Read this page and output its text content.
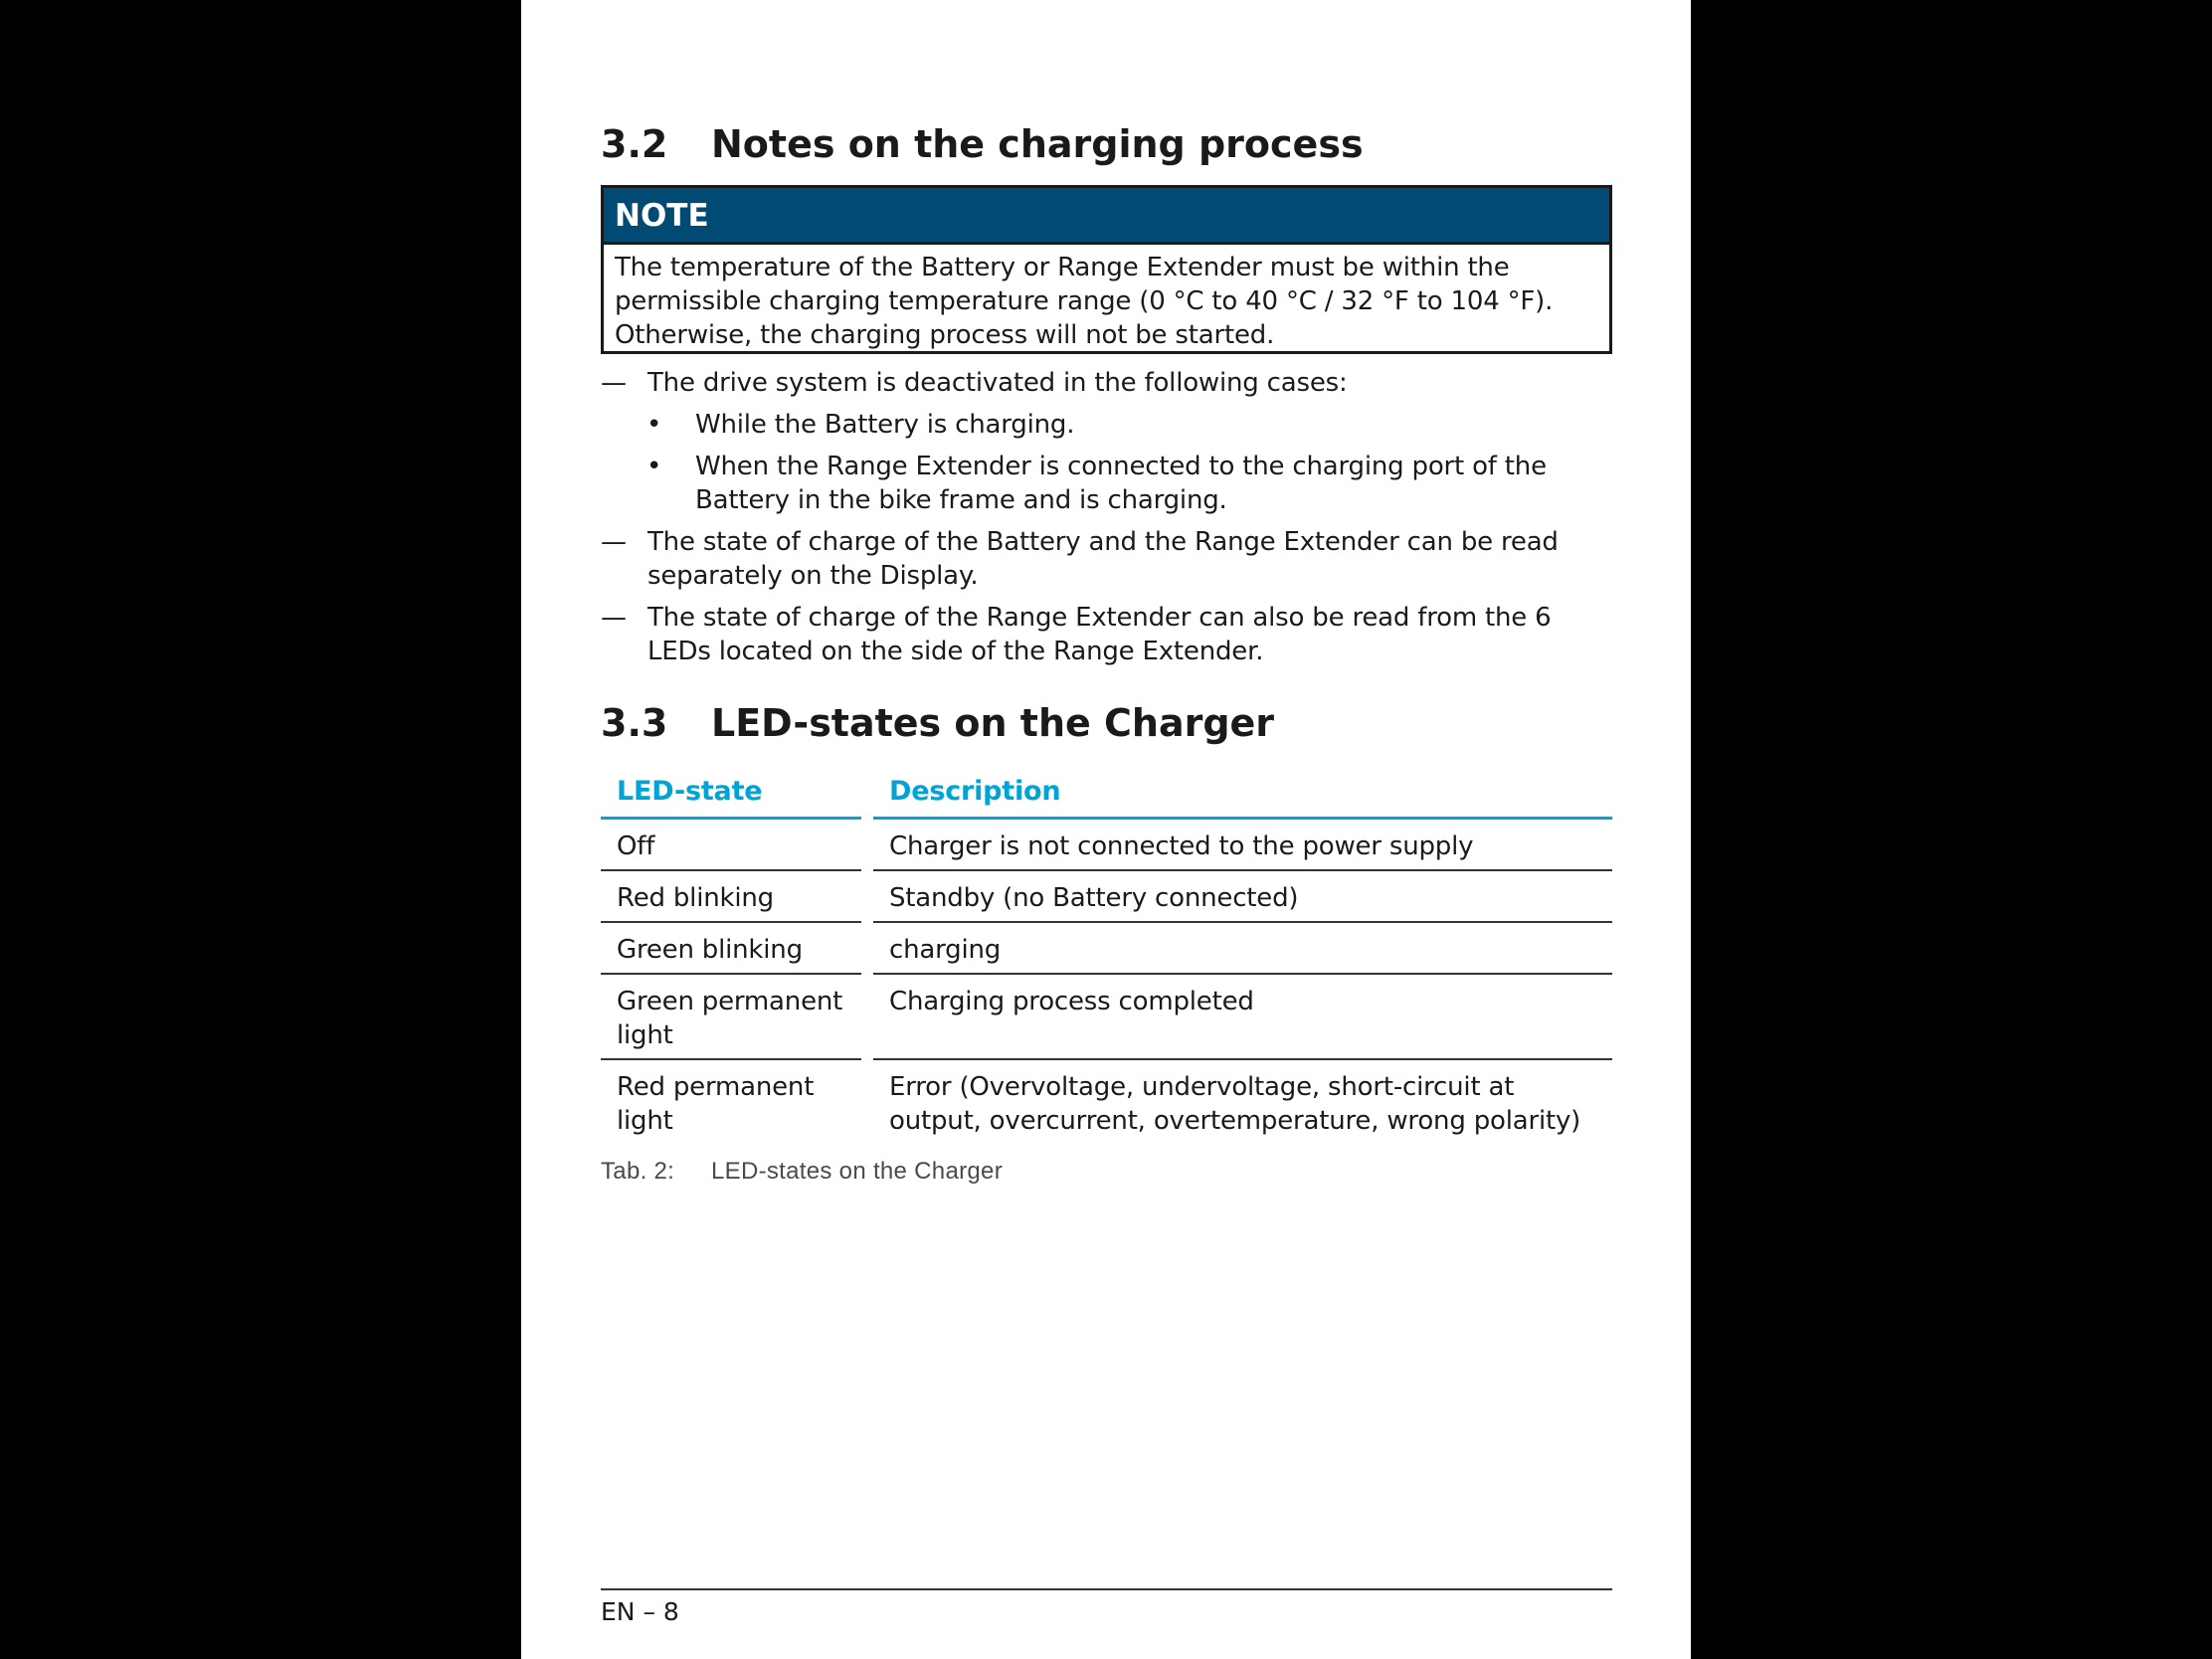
3.2 Notes on the charging process
NOTE
The temperature of the Battery or Range Extender must be within the
permissible charging temperature range (0 °C to 40 °C / 32 °F to 104 °F).
Otherwise, the charging process will not be started.
— The drive system is deactivated in the following cases:
• While the Battery is charging.
• When the Range Extender is connected to the charging port of the Battery in the bike frame and is charging.
— The state of charge of the Battery and the Range Extender can be read separately on the Display.
— The state of charge of the Range Extender can also be read from the 6 LEDs located on the side of the Range Extender.
3.3 LED-states on the Charger
LED-state		Description
Off		Charger is not connected to the power supply
Red blinking		Standby (no Battery connected)
Green blinking		charging
Green permanent light		Charging process completed
Red permanent light		Error (Overvoltage, undervoltage, short-circuit at output, overcurrent, overtemperature, wrong polarity)
Tab. 2: LED-states on the Charger
EN – 8
